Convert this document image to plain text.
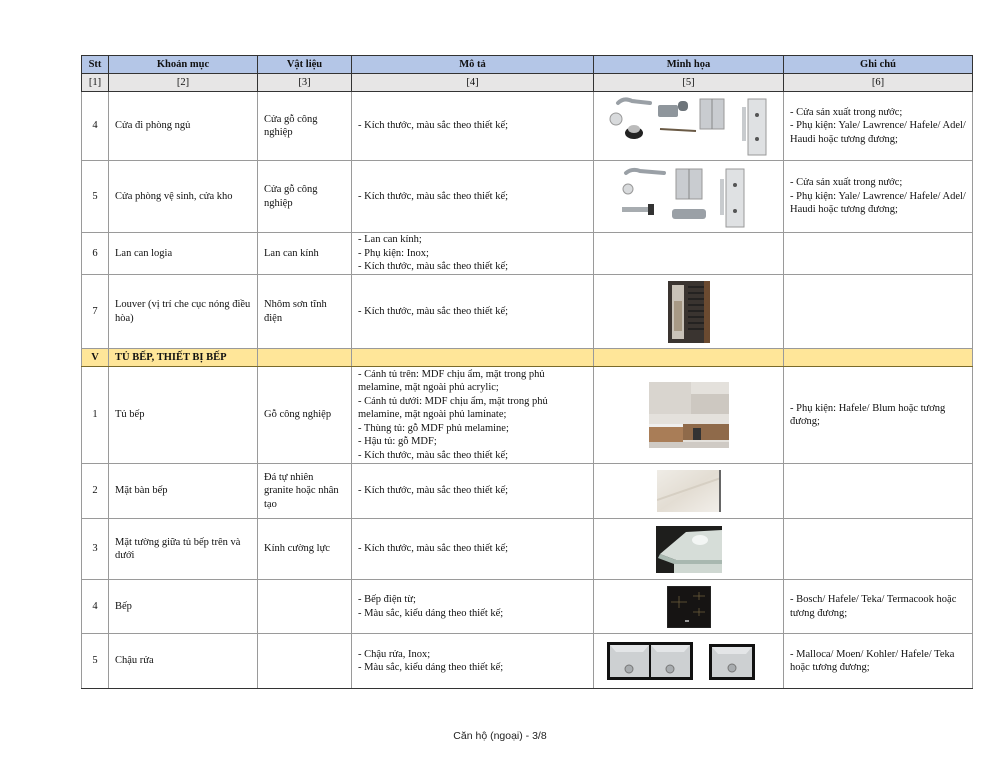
Stt	Khoản mục	Vật liệu	Mô tả	Minh họa	Ghi chú
[1]	[2]	[3]	[4]	[5]	[6]
4	Cửa đi phòng ngủ	Cửa gỗ công nghiệp	- Kích thước, màu sắc theo thiết kế;		- Cửa sản xuất trong nước;
- Phụ kiện: Yale/ Lawrence/ Hafele/ Adel/ Haudi hoặc tương đương;

5	Cửa phòng vệ sinh, cửa kho	Cửa gỗ công nghiệp	- Kích thước, màu sắc theo thiết kế;		- Cửa sản xuất trong nước;
- Phụ kiện: Yale/ Lawrence/ Hafele/ Adel/ Haudi hoặc tương đương;

6	Lan can logia	Lan can kính	- Lan can kính;
- Phụ kiện: Inox;
- Kích thước, màu sắc theo thiết kế;		

7	Louver (vị trí che cục nóng điều hòa)	Nhôm sơn tĩnh điện	- Kích thước, màu sắc theo thiết kế;

V	TỦ BẾP, THIẾT BỊ BẾP				
1	Tủ bếp	Gỗ công nghiệp	- Cánh tủ trên: MDF chịu ẩm, mặt trong phủ melamine, mặt ngoài phủ acrylic;
- Cánh tủ dưới: MDF chịu ẩm, mặt trong phủ melamine, mặt ngoài phủ laminate;
- Thùng tủ: gỗ MDF phủ melamine;
- Hậu tủ: gỗ MDF;
- Kích thước, màu sắc theo thiết kế;		- Phụ kiện: Hafele/ Blum hoặc tương đương;

2	Mặt bàn bếp	Đá tự nhiên granite hoặc nhân tạo	- Kích thước, màu sắc theo thiết kế;

3	Mặt tường giữa tủ bếp trên và dưới	Kính cường lực	- Kích thước, màu sắc theo thiết kế;

4	Bếp		- Bếp điện từ;
- Màu sắc, kiểu dáng theo thiết kế;		- Bosch/ Hafele/ Teka/ Termacook hoặc tương đương;

5	Chậu rửa		- Chậu rửa, Inox;
- Màu sắc, kiểu dáng theo thiết kế;		- Malloca/ Moen/ Kohler/ Hafele/ Teka hoặc tương đương;
Căn hộ (ngoại) - 3/8
